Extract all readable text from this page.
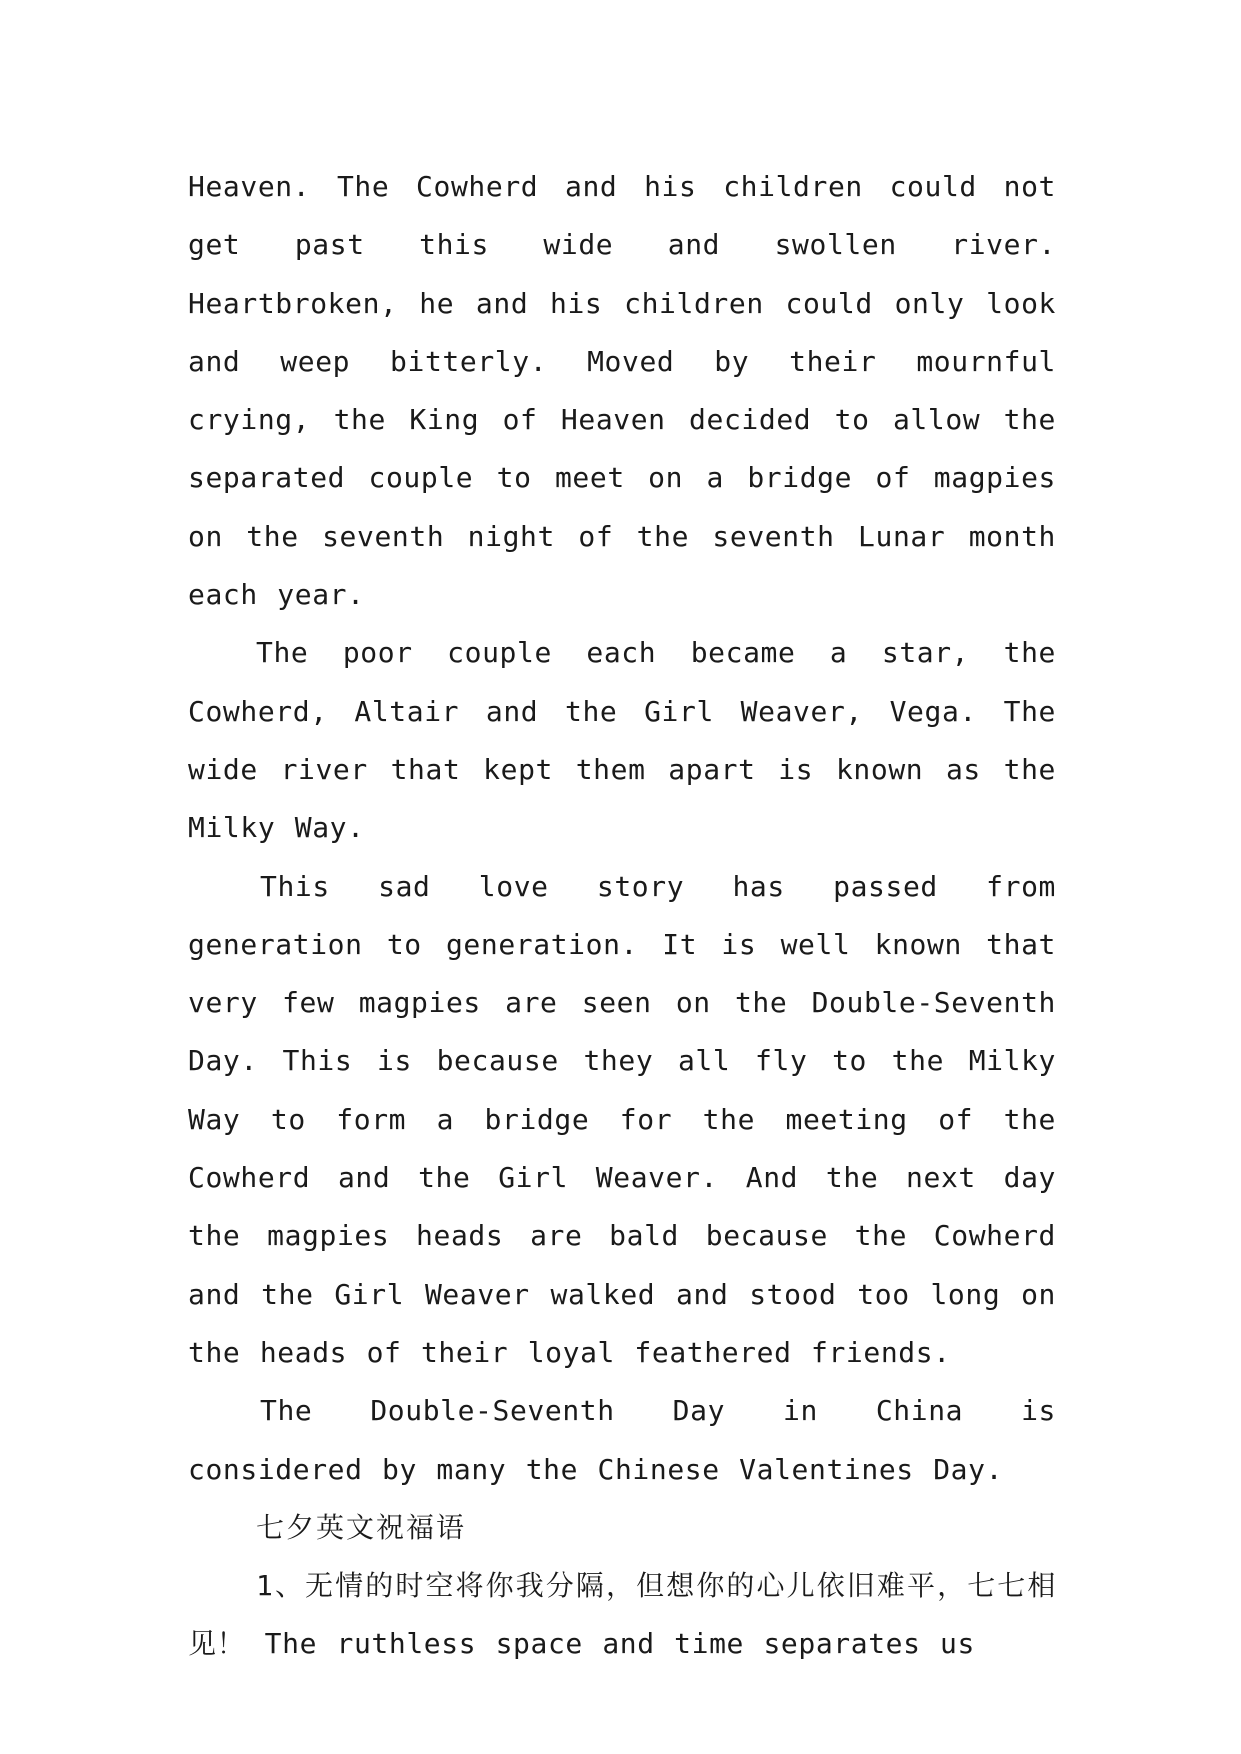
Heaven. The Cowherd and his children could not get past this wide and swollen river. Heartbroken, he and his children could only look and weep bitterly. Moved by their mournful crying, the King of Heaven decided to allow the separated couple to meet on a bridge of magpies on the seventh night of the seventh Lunar month each year.

The poor couple each became a star, the Cowherd, Altair and the Girl Weaver, Vega. The wide river that kept them apart is known as the Milky Way.

This sad love story has passed from generation to generation. It is well known that very few magpies are seen on the Double-Seventh Day. This is because they all fly to the Milky Way to form a bridge for the meeting of the Cowherd and the Girl Weaver. And the next day the magpies heads are bald because the Cowherd and the Girl Weaver walked and stood too long on the heads of their loyal feathered friends.

The Double-Seventh Day in China is considered by many the Chinese Valentines Day.

七夕英文祝福语

1、无情的时空将你我分隔，但想你的心儿依旧难平，七七相见！ The ruthless space and time separates us
